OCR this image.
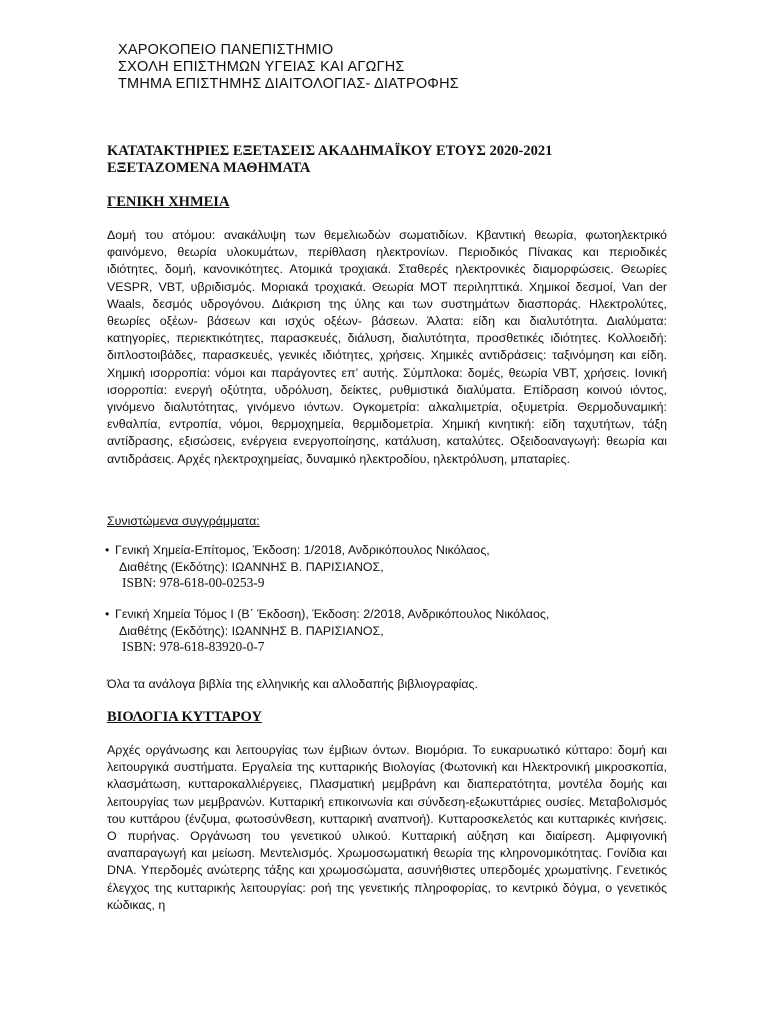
ΧΑΡΟΚΟΠΕΙΟ ΠΑΝΕΠΙΣΤΗΜΙΟ
ΣΧΟΛΗ ΕΠΙΣΤΗΜΩΝ ΥΓΕΙΑΣ ΚΑΙ ΑΓΩΓΗΣ
ΤΜΗΜΑ ΕΠΙΣΤΗΜΗΣ ΔΙΑΙΤΟΛΟΓΙΑΣ- ΔΙΑΤΡΟΦΗΣ
ΚΑΤΑΤΑΚΤΗΡΙΕΣ ΕΞΕΤΑΣΕΙΣ ΑΚΑΔΗΜΑΪΚΟΥ ΕΤΟΥΣ 2020-2021
ΕΞΕΤΑΖΟΜΕΝΑ ΜΑΘΗΜΑΤΑ
ΓΕΝΙΚΗ ΧΗΜΕΙΑ
Δομή του ατόμου: ανακάλυψη των θεμελιωδών σωματιδίων. Κβαντική θεωρία, φωτοηλεκτρικό φαινόμενο, θεωρία υλοκυμάτων, περίθλαση ηλεκτρονίων. Περιοδικός Πίνακας και περιοδικές ιδιότητες, δομή, κανονικότητες. Ατομικά τροχιακά. Σταθερές ηλεκτρονικές διαμορφώσεις. Θεωρίες VESPR, VBT, υβριδισμός. Μοριακά τροχιακά. Θεωρία MOT περιληπτικά. Χημικοί δεσμοί, Van der Waals, δεσμός υδρογόνου. Διάκριση της ύλης και των συστημάτων διασποράς. Ηλεκτρολύτες, θεωρίες οξέων- βάσεων και ισχύς οξέων- βάσεων. Άλατα: είδη και διαλυτότητα. Διαλύματα: κατηγορίες, περιεκτικότητες, παρασκευές, διάλυση, διαλυτότητα, προσθετικές ιδιότητες. Κολλοειδή: διπλοστοιβάδες, παρασκευές, γενικές ιδιότητες, χρήσεις. Χημικές αντιδράσεις: ταξινόμηση και είδη. Χημική ισορροπία: νόμοι και παράγοντες επ’ αυτής. Σύμπλοκα: δομές, θεωρία VBT, χρήσεις. Ιονική ισορροπία: ενεργή οξύτητα, υδρόλυση, δείκτες, ρυθμιστικά διαλύματα. Επίδραση κοινού ιόντος, γινόμενο διαλυτότητας, γινόμενο ιόντων. Ογκομετρία: αλκαλιμετρία, οξυμετρία. Θερμοδυναμική: ενθαλπία, εντροπία, νόμοι, θερμοχημεία, θερμιδομετρία. Χημική κινητική: είδη ταχυτήτων, τάξη αντίδρασης, εξισώσεις, ενέργεια ενεργοποίησης, κατάλυση, καταλύτες. Οξειδοαναγωγή: θεωρία και αντιδράσεις. Αρχές ηλεκτροχημείας, δυναμικό ηλεκτροδίου, ηλεκτρόλυση, μπαταρίες.
Συνιστώμενα συγγράμματα:
• Γενική Χημεία-Επίτομος, Έκδοση: 1/2018, Ανδρικόπουλος Νικόλαος,
Διαθέτης (Εκδότης): ΙΩΑΝΝΗΣ Β. ΠΑΡΙΣΙΑΝΟΣ,
ISBN: 978-618-00-0253-9
• Γενική Χημεία Τόμος Ι (Β΄ Έκδοση), Έκδοση: 2/2018, Ανδρικόπουλος Νικόλαος,
Διαθέτης (Εκδότης): ΙΩΑΝΝΗΣ Β. ΠΑΡΙΣΙΑΝΟΣ,
ISBN: 978-618-83920-0-7
Όλα τα ανάλογα βιβλία της ελληνικής και αλλοδαπής βιβλιογραφίας.
ΒΙΟΛΟΓΙΑ ΚΥΤΤΑΡΟΥ
Αρχές οργάνωσης και λειτουργίας των έμβιων όντων. Βιομόρια. Το ευκαρυωτικό κύτταρο: δομή και λειτουργικά συστήματα. Εργαλεία της κυτταρικής Βιολογίας (Φωτονική και Ηλεκτρονική μικροσκοπία, κλασμάτωση, κυτταροκαλλιέργειες, Πλασματική μεμβράνη και διαπερατότητα, μοντέλα δομής και λειτουργίας των μεμβρανών. Κυτταρική επικοινωνία και σύνδεση-εξωκυττάριες ουσίες. Μεταβολισμός του κυττάρου (ένζυμα, φωτοσύνθεση, κυτταρική αναπνοή). Κυτταροσκελετός και κυτταρικές κινήσεις. Ο πυρήνας. Οργάνωση του γενετικού υλικού. Κυτταρική αύξηση και διαίρεση. Αμφιγονική αναπαραγωγή και μείωση. Μεντελισμός. Χρωμοσωματική θεωρία της κληρονομικότητας. Γονίδια και DNA. Υπερδομές ανώτερης τάξης και χρωμοσώματα, ασυνήθιστες υπερδομές χρωματίνης. Γενετικός έλεγχος της κυτταρικής λειτουργίας: ροή της γενετικής πληροφορίας, το κεντρικό δόγμα, ο γενετικός κώδικας, η
